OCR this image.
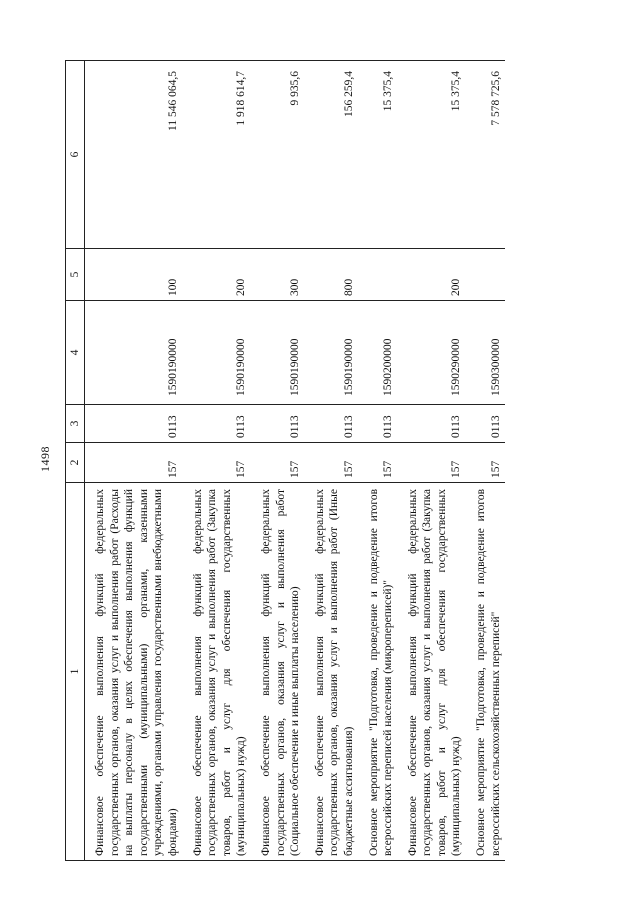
1498
1	2	3	4	5	6
Финансовое обеспечение выполнения функций федеральных государственных органов, оказания услуг и выполнения работ (Расходы на выплаты персоналу в целях обеспечения выполнения функций государственными (муниципальными) органами, казенными учреждениями, органами управления государственными внебюджетными фондами)	157	0113	1590190000	100	11 546 064,5
Финансовое обеспечение выполнения функций федеральных государственных органов, оказания услуг и выполнения работ (Закупка товаров, работ и услуг для обеспечения государственных (муниципальных) нужд)	157	0113	1590190000	200	1 918 614,7
Финансовое обеспечение выполнения функций федеральных государственных органов, оказания услуг и выполнения работ (Социальное обеспечение и иные выплаты населению)	157	0113	1590190000	300	9 935,6
Финансовое обеспечение выполнения функций федеральных государственных органов, оказания услуг и выполнения работ (Иные бюджетные ассигнования)	157	0113	1590190000	800	156 259,4
Основное мероприятие "Подготовка, проведение и подведение итогов всероссийских переписей населения (микропереписей)"	157	0113	1590200000		15 375,4
Финансовое обеспечение выполнения функций федеральных государственных органов, оказания услуг и выполнения работ (Закупка товаров, работ и услуг для обеспечения государственных (муниципальных) нужд)	157	0113	1590290000	200	15 375,4
Основное мероприятие "Подготовка, проведение и подведение итогов всероссийских сельскохозяйственных переписей"	157	0113	1590300000		7 578 725,6
